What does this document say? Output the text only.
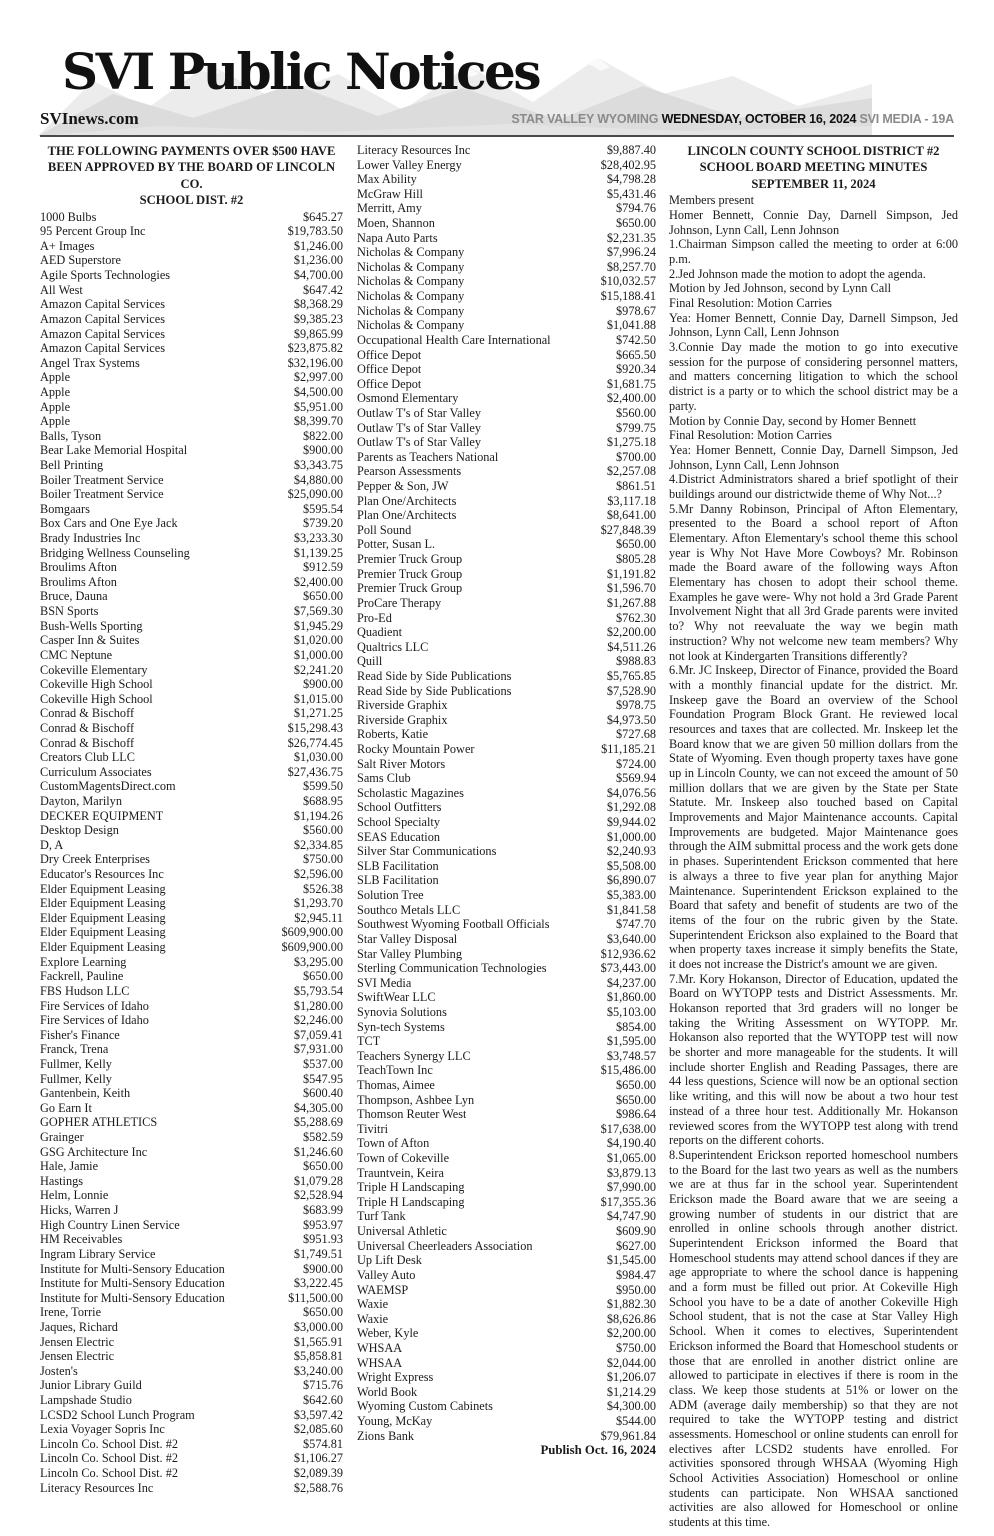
SVI Public Notices
SVInews.com	STAR VALLEY WYOMING WEDNESDAY, OCTOBER 16, 2024 SVI MEDIA - 19A
THE FOLLOWING PAYMENTS OVER $500 HAVE
BEEN APPROVED BY THE BOARD OF LINCOLN CO.
SCHOOL DIST. #2
1000 Bulbs	$645.27
95 Percent Group Inc	$19,783.50
A+ Images	$1,246.00
AED Superstore	$1,236.00
Agile Sports Technologies	$4,700.00
All West	$647.42
Amazon Capital Services	$8,368.29
Amazon Capital Services	$9,385.23
Amazon Capital Services	$9,865.99
Amazon Capital Services	$23,875.82
Angel Trax Systems	$32,196.00
Apple	$2,997.00
Apple	$4,500.00
Apple	$5,951.00
Apple	$8,399.70
Balls, Tyson	$822.00
Bear Lake Memorial Hospital	$900.00
Bell Printing	$3,343.75
Boiler Treatment Service	$4,880.00
Boiler Treatment Service	$25,090.00
Bomgaars	$595.54
Box Cars and One Eye Jack	$739.20
Brady Industries Inc	$3,233.30
Bridging Wellness Counseling	$1,139.25
Broulims Afton	$912.59
Broulims Afton	$2,400.00
Bruce, Dauna	$650.00
BSN Sports	$7,569.30
Bush-Wells Sporting	$1,945.29
Casper Inn & Suites	$1,020.00
CMC Neptune	$1,000.00
Cokeville Elementary	$2,241.20
Cokeville High School	$900.00
Cokeville High School	$1,015.00
Conrad & Bischoff	$1,271.25
Conrad & Bischoff	$15,298.43
Conrad & Bischoff	$26,774.45
Creators Club LLC	$1,030.00
Curriculum Associates	$27,436.75
CustomMagentsDirect.com	$599.50
Dayton, Marilyn	$688.95
DECKER EQUIPMENT	$1,194.26
Desktop Design	$560.00
D, A	$2,334.85
Dry Creek Enterprises	$750.00
Educator's Resources Inc	$2,596.00
Elder Equipment Leasing	$526.38
Elder Equipment Leasing	$1,293.70
Elder Equipment Leasing	$2,945.11
Elder Equipment Leasing	$609,900.00
Elder Equipment Leasing	$609,900.00
Explore Learning	$3,295.00
Fackrell, Pauline	$650.00
FBS Hudson LLC	$5,793.54
Fire Services of Idaho	$1,280.00
Fire Services of Idaho	$2,246.00
Fisher's Finance	$7,059.41
Franck, Trena	$7,931.00
Fullmer, Kelly	$537.00
Fullmer, Kelly	$547.95
Gantenbein, Keith	$600.40
Go Earn It	$4,305.00
GOPHER ATHLETICS	$5,288.69
Grainger	$582.59
GSG Architecture Inc	$1,246.60
Hale, Jamie	$650.00
Hastings	$1,079.28
Helm, Lonnie	$2,528.94
Hicks, Warren J	$683.99
High Country Linen Service	$953.97
HM Receivables	$951.93
Ingram Library Service	$1,749.51
Institute for Multi-Sensory Education	$900.00
Institute for Multi-Sensory Education	$3,222.45
Institute for Multi-Sensory Education	$11,500.00
Irene, Torrie	$650.00
Jaques, Richard	$3,000.00
Jensen Electric	$1,565.91
Jensen Electric	$5,858.81
Josten's	$3,240.00
Junior Library Guild	$715.76
Lampshade Studio	$642.60
LCSD2 School Lunch Program	$3,597.42
Lexia Voyager Sopris Inc	$2,085.60
Lincoln Co. School Dist. #2	$574.81
Lincoln Co. School Dist. #2	$1,106.27
Lincoln Co. School Dist. #2	$2,089.39
Literacy Resources Inc	$2,588.76
Literacy Resources Inc	$9,887.40
Lower Valley Energy	$28,402.95
Max Ability	$4,798.28
McGraw Hill	$5,431.46
Merritt, Amy	$794.76
Moen, Shannon	$650.00
Napa Auto Parts	$2,231.35
Nicholas & Company	$7,996.24
Nicholas & Company	$8,257.70
Nicholas & Company	$10,032.57
Nicholas & Company	$15,188.41
Nicholas & Company	$978.67
Nicholas & Company	$1,041.88
Occupational Health Care International	$742.50
Office Depot	$665.50
Office Depot	$920.34
Office Depot	$1,681.75
Osmond Elementary	$2,400.00
Outlaw T's of Star Valley	$560.00
Outlaw T's of Star Valley	$799.75
Outlaw T's of Star Valley	$1,275.18
Parents as Teachers National	$700.00
Pearson Assessments	$2,257.08
Pepper & Son, JW	$861.51
Plan One/Architects	$3,117.18
Plan One/Architects	$8,641.00
Poll Sound	$27,848.39
Potter, Susan L.	$650.00
Premier Truck Group	$805.28
Premier Truck Group	$1,191.82
Premier Truck Group	$1,596.70
ProCare Therapy	$1,267.88
Pro-Ed	$762.30
Quadient	$2,200.00
Qualtrics LLC	$4,511.26
Quill	$988.83
Read Side by Side Publications	$5,765.85
Read Side by Side Publications	$7,528.90
Riverside Graphix	$978.75
Riverside Graphix	$4,973.50
Roberts, Katie	$727.68
Rocky Mountain Power	$11,185.21
Salt River Motors	$724.00
Sams Club	$569.94
Scholastic Magazines	$4,076.56
School Outfitters	$1,292.08
School Specialty	$9,944.02
SEAS Education	$1,000.00
Silver Star Communications	$2,240.93
SLB Facilitation	$5,508.00
SLB Facilitation	$6,890.07
Solution Tree	$5,383.00
Southco Metals LLC	$1,841.58
Southwest Wyoming Football Officials	$747.70
Star Valley Disposal	$3,640.00
Star Valley Plumbing	$12,936.62
Sterling Communication Technologies	$73,443.00
SVI Media	$4,237.00
SwiftWear LLC	$1,860.00
Synovia Solutions	$5,103.00
Syn-tech Systems	$854.00
TCT	$1,595.00
Teachers Synergy LLC	$3,748.57
TeachTown Inc	$15,486.00
Thomas, Aimee	$650.00
Thompson, Ashbee Lyn	$650.00
Thomson Reuter West	$986.64
Tivitri	$17,638.00
Town of Afton	$4,190.40
Town of Cokeville	$1,065.00
Trauntvein, Keira	$3,879.13
Triple H Landscaping	$7,990.00
Triple H Landscaping	$17,355.36
Turf Tank	$4,747.90
Universal Athletic	$609.90
Universal Cheerleaders Association	$627.00
Up Lift Desk	$1,545.00
Valley Auto	$984.47
WAEMSP	$950.00
Waxie	$1,882.30
Waxie	$8,626.86
Weber, Kyle	$2,200.00
WHSAA	$750.00
WHSAA	$2,044.00
Wright Express	$1,206.07
World Book	$1,214.29
Wyoming Custom Cabinets	$4,300.00
Young, McKay	$544.00
Zions Bank	$79,961.84
Publish Oct. 16, 2024
LINCOLN COUNTY SCHOOL DISTRICT #2
SCHOOL BOARD MEETING MINUTES
SEPTEMBER 11, 2024

Members present

Homer Bennett, Connie Day, Darnell Simpson, Jed Johnson, Lynn Call, Lenn Johnson

1.Chairman Simpson called the meeting to order at 6:00 p.m.

2.Jed Johnson made the motion to adopt the agenda.

Motion by Jed Johnson, second by Lynn Call

Final Resolution: Motion Carries

Yea: Homer Bennett, Connie Day, Darnell Simpson, Jed Johnson, Lynn Call, Lenn Johnson

3.Connie Day made the motion to go into executive session for the purpose of considering personnel matters, and matters concerning litigation to which the school district is a party or to which the school district may be a party.

Motion by Connie Day, second by Homer Bennett

Final Resolution: Motion Carries

Yea: Homer Bennett, Connie Day, Darnell Simpson, Jed Johnson, Lynn Call, Lenn Johnson

4.District Administrators shared a brief spotlight of their buildings around our districtwide theme of Why Not...?

5.Mr Danny Robinson, Principal of Afton Elementary, presented to the Board a school report of Afton Elementary. Afton Elementary's school theme this school year is Why Not Have More Cowboys? Mr. Robinson made the Board aware of the following ways Afton Elementary has chosen to adopt their school theme. Examples he gave were- Why not hold a 3rd Grade Parent Involvement Night that all 3rd Grade parents were invited to? Why not reevaluate the way we begin math instruction? Why not welcome new team members? Why not look at Kindergarten Transitions differently?

6.Mr. JC Inskeep, Director of Finance, provided the Board with a monthly financial update for the district. Mr. Inskeep gave the Board an overview of the School Foundation Program Block Grant. He reviewed local resources and taxes that are collected. Mr. Inskeep let the Board know that we are given 50 million dollars from the State of Wyoming. Even though property taxes have gone up in Lincoln County, we can not exceed the amount of 50 million dollars that we are given by the State per State Statute. Mr. Inskeep also touched based on Capital Improvements and Major Maintenance accounts. Capital Improvements are budgeted. Major Maintenance goes through the AIM submittal process and the work gets done in phases. Superintendent Erickson commented that here is always a three to five year plan for anything Major Maintenance. Superintendent Erickson explained to the Board that safety and benefit of students are two of the items of the four on the rubric given by the State. Superintendent Erickson also explained to the Board that when property taxes increase it simply benefits the State, it does not increase the District's amount we are given.

7.Mr. Kory Hokanson, Director of Education, updated the Board on WYTOPP tests and District Assessments. Mr. Hokanson reported that 3rd graders will no longer be taking the Writing Assessment on WYTOPP. Mr. Hokanson also reported that the WYTOPP test will now be shorter and more manageable for the students. It will include shorter English and Reading Passages, there are 44 less questions, Science will now be an optional section like writing, and this will now be about a two hour test instead of a three hour test. Additionally Mr. Hokanson reviewed scores from the WYTOPP test along with trend reports on the different cohorts.

8.Superintendent Erickson reported homeschool numbers to the Board for the last two years as well as the numbers we are at thus far in the school year. Superintendent Erickson made the Board aware that we are seeing a growing number of students in our district that are enrolled in online schools through another district. Superintendent Erickson informed the Board that Homeschool students may attend school dances if they are age appropriate to where the school dance is happening and a form must be filled out prior. At Cokeville High School you have to be a date of another Cokeville High School student, that is not the case at Star Valley High School. When it comes to electives, Superintendent Erickson informed the Board that Homeschool students or those that are enrolled in another district online are allowed to participate in electives if there is room in the class. We keep those students at 51% or lower on the ADM (average daily membership) so that they are not required to take the WYTOPP testing and district assessments. Homeschool or online students can enroll for electives after LCSD2 students have enrolled. For activities sponsored through WHSAA (Wyoming High School Activities Association) Homeschool or online students can participate. Non WHSAA sanctioned activities are also allowed for Homeschool or online students at this time.
